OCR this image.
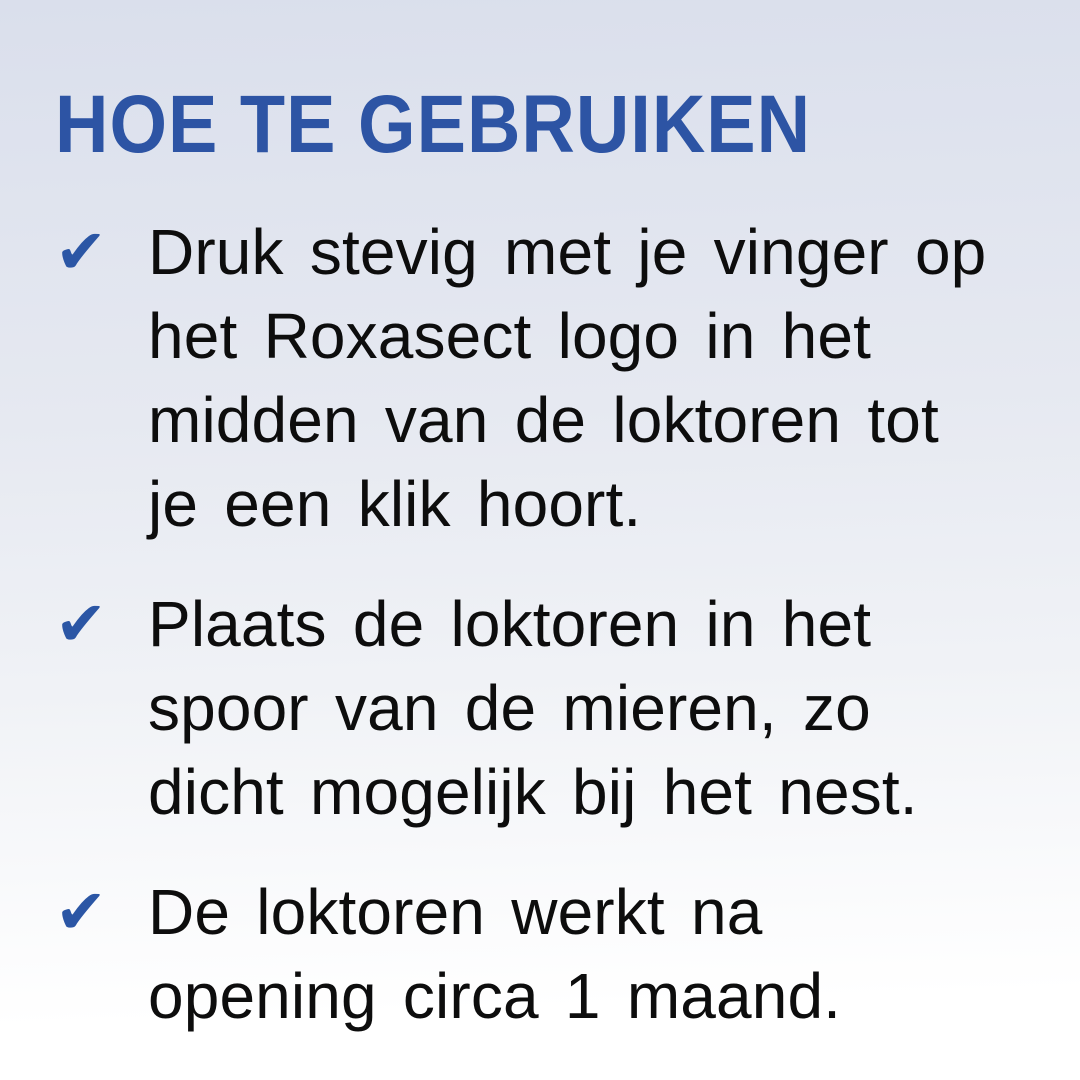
HOE TE GEBRUIKEN
✔ Druk stevig met je vinger op
het Roxasect logo in het
midden van de loktoren tot
je een klik hoort.
✔ Plaats de loktoren in het
spoor van de mieren, zo
dicht mogelijk bij het nest.
✔ De loktoren werkt na
opening circa 1 maand.
